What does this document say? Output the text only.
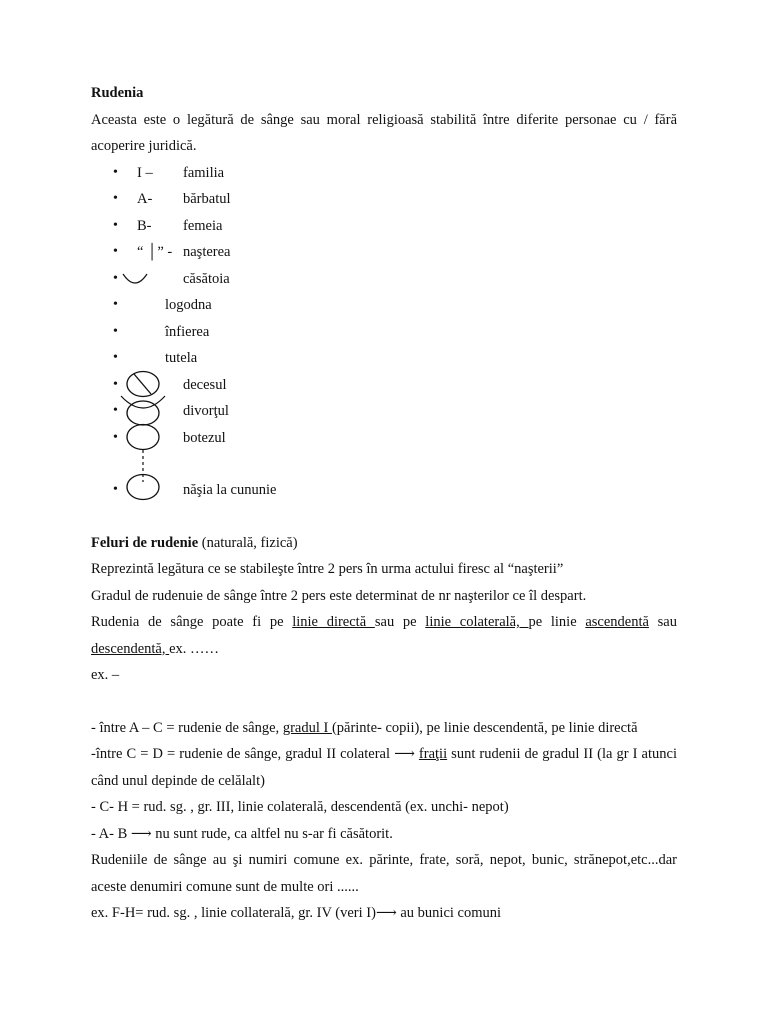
Rudenia

Aceasta este o legătură de sânge sau moral religioasă stabilită între diferite personae cu / fără acoperire juridică.

• I – familia
• A- bărbatul
• B- femeia
• “ │” - naşterea
•	căsătoia
•	logodna
•	înfierea
•	tutela
•	decesul
•	divorţul
•	botezul
•	năşia la cununie

Feluri de rudenie (naturală, fizică)

Reprezintă legătura ce se stabileşte între 2 pers în urma actului firesc al “naşterii”

Gradul de rudenuie de sânge între 2 pers este determinat de nr naşterilor ce îl despart.

Rudenia de sânge poate fi pe linie directă sau pe linie colaterală, pe linie ascendentă sau descendentă, ex. ……

ex. –

- între A – C = rudenie de sânge, gradul I (părinte- copii), pe linie descendentă, pe linie directă

-între C = D = rudenie de sânge, gradul II colateral ⟶ fraţii sunt rudenii de gradul II (la gr I atunci când unul depinde de celălalt)

- C- H = rud. sg. , gr. III, linie colaterală, descendentă (ex. unchi- nepot)

- A- B ⟶ nu sunt rude, ca altfel nu s-ar fi căsătorit.

Rudeniile de sânge au şi numiri comune ex. părinte, frate, soră, nepot, bunic, strănepot,etc...dar aceste denumiri comune sunt de multe ori ......

ex. F-H= rud. sg. , linie collaterală, gr. IV (veri I)⟶ au bunici comuni
